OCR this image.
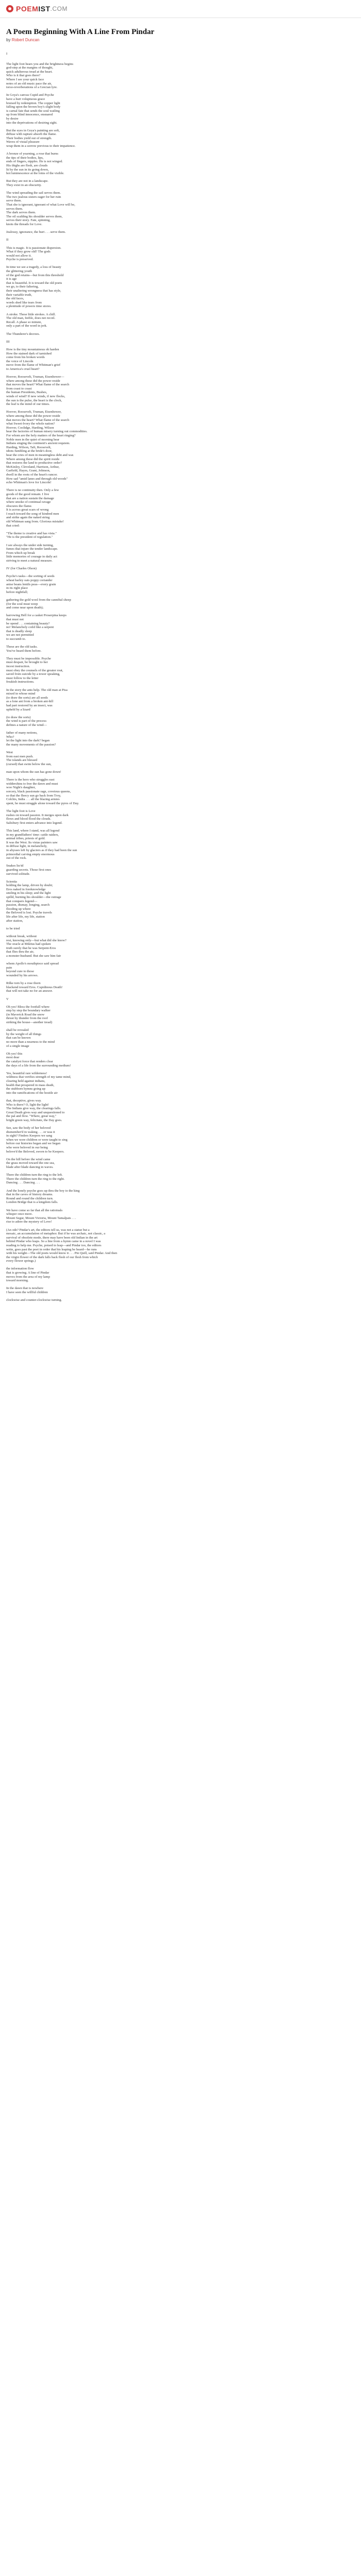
POEM IST .COM
A Poem Beginning With A Line From Pindar

by Robert Duncan

I
The light foot hears you and the brightness begins
god-step at the margins of thought,
quick adulterous tread at the heart.
Who is it that goes there?
Where I see your quick face
notes of an old music pace the air,
torso-reverberations of a Grecian lyre.

In Goya's canvas Cupid and Psyche
have a hurt voluptuous grace
bruised by redemption. The copper light
falling upon the brown boy's slight body
is carnal fate that sends the soul wailing
up from blind innocence, ensnared
by desire
into the deprivations of desiring sight.

But the eyes in Goya's painting are soft,
diffuse with rapture absorb the flame.
Their bodies yield out of strength.
Waves of visual pleasure
wrap them in a sorrow previous to their impatience.

A bronze of yearning, a rose that burns
the tips of their bodies, lips,
ends of fingers, nipples. He is not winged.
His thighs are flesh, are clouds
lit by the sun in its going down,
hot luminescence at the loins of the visible.

But they are not in a landscape.
They exist in an obscurity.

The wind spreading the sail serves them.
The two jealous sisters eager for her ruin
serve them.
That she is ignorant, ignorant of what Love will be,
serves them.
The dark serves them.
The oil scalding his shoulder serves them,
serves their story. Fate, spinning,
knots the threads for Love.

Jealousy, ignorance, the hurt . . . serve them.

II

This is magic. It is passionate dispersion.
What if they grow old? The gods
would not allow it.
Psyche is preserved.

In time we see a tragedy, a loss of beauty
the glittering youth
of the god retains—but from this threshold
it is age
that is beautiful. It is toward the old poets
we go, to their faltering,
their unaltering wrongness that has style,
their variable truth,
the old faces,
words shed like tears from
a plenitude of powers time stores.

A stroke. These little strokes. A chill.
The old man, feeble, does not recoil.
Recall. A phase so minute,
only a part of the word in jerk.

The Thunderer's decrees.

III

How is the tiny mountainous oh harden
How the stained dark of tarnished
come from his broken words
the voice of Lincoln
move from the flame of Whitman's grief
to America's cruel heart?

Hoover, Roosevelt, Truman, Eisenhower—
where among these did the power reside
that moves the heart? What flame of the search
from coast to coast
the human Presidents, Bushes,
winds of wind? If new winds, if new flocks,
the sun is the pulse, the heart is the clock,
the leaf is the mind of our times.

Hoover, Roosevelt, Truman, Eisenhower,
where among these did the power reside
that moves the heart? What flame of the search
what Sweet-Ivory the whole nation?
Hoover, Coolidge, Harding, Wilson
hear the factories of human misery turning out commodities.
For whom are the holy matters of the heart ringing?
Noble men in the quiet of morning hear
Indians singing the continent's ancient requiem.
Harding, Wilson, Taft, Roosevelt,
idiots fumbling at the bride's door,
hear the cries of men in meaningless debt and war.
Where among these did the spirit reside
that restores the land to productive order?
McKinley, Cleveland, Harrison, Arthur,
Garfield, Hayes, Grant, Johnson,
dwell in the roots of the heart's rancor.
How sad "amid lanes and through old woods"
echo Whitman's love for Lincoln!

There is no continuity then. Only a few
goods of the good remain. I live
that are a nation sustain the damage
where smoke of continual ravage
obscures the flame.
It is across great scars of wrong
I reach toward the song of kindred men
and strike again the naked string
old Whitman sang from. Glorious mistake!
that cried:

"The theme is creative and has vista."
"He is the president of regulation."

I see always the under side turning,
fumes that injure the tender landscape.
From which up break
little memories of courage in daily act
striving to meet a natural measure.

IV (for Charles Olson)

Psyche's tasks—the sorting of seeds
wheat barley oats poppy coriander
anise beans lentils peas—every grain
in its right place
before nightfall;

gathering the gold wool from the cannibal sheep
(for the soul must weep
and come near upon death);

harrowing Hell for a casket Proserpina keeps
that must not
be opend . . . containing beauty?
no! Melancholy coild like a serpent
that is deadly sleep
we are not permitted
to succumb to.

These are the old tasks.
You've heard them before.

They must be impossible. Psyche
must despair, be brought to her
incest instruction.
must obey the counsels of the greater rout,
saved from suicide by a tower speaking,
must follow to the letter
freakish instructions.

In the story the ants help. The old man at Pisa
mixed in whose mind
(to draw the sorts) are all seeds
as a lone ant from a broken ant-hill
had part restored by an insect, was
upheld by a lizard

(to draw the sorts)
the wind is part of the process
defines a nature of the wind—

father of many notions,
Who?
let the light into the dark? began
the many movements of the passion?

West
from east men push.
The islands are blessed
(cursed) that swim below the sun,

man upon whom the sun has gone down!

There is the hero who struggles east
widdershins to free the dawn and must
woo Night's daughter,
sorcery, black passionate rage, covetous queens,
so that the fleecy sun go back from Troy,
Colchis, India . . . all the blazing armies
spent, he must struggle alone toward the pyres of Day.

The light foot is Love
rushes on toward passion. It merges upon dark
flows and blood flood the clouds.
Salisbury first enters advance into legend.

This land, where I stand, was all legend
in my grandfathers' time: cattle raiders,
animal tribes, priests of gold.
It was the West. Its vistas painters saw
in diffuse light, in melancholy,
in abysses left by glaciers as if they had been the sun
primordial carving empty enormous
out of the rock.

Snakes lie/id
guarding secrets. Those first ones
survived solitude.

Scientia
holding the lamp, driven by doubt;
Eros naked in foreknowledge
smiling in his sleep; and the light
spilld, burning his shoulder—the outrage
that conquers legend—
passion, dismay, longing, search
flooding up where
the Beloved is lost. Psyche travels
life after life, my life, station
after station,

to be tried

without break, without
rest, knowing only—but what did she know?
The oracle at Miletus had spoken
truth surely that he was Serpent-Eros
that flies thru the air,
a monster-husband. But she saw him fair

whom Apollo's mouthpiece said spread
pain
beyond cure to those
wounded by his arrows.

Rilke torn by a rose thorn
blackend toward Eros. Cupidinous Death!
that will not take no for an answer.

V

Oh yes! Bless the footfall where
step by step the boundary walker
(in Maverick Road the snow
thrust by thunder from the roof
striking the house—another tread)

shall be revealed
by the weight of all things
that can be known
no more than a nearness to the mind
of a single image

Oh yes! this
most dear
the catalyst force that renders clear
the days of a life from the surrounding medium!

Yes, beautiful rare wilderness!
wildness that verifies strength of my tame mind,
clearing held against indians,
health that prospered in mass death,
the stubborn hymns going up
into the ramifications of the hostile air

that, deceptive, gives way.
Who is there? O, light the light!
The Indians give way, the clearings falls.
Great Death gives way and unquestioned to
the pal and flow. "Where, great way,"
bright green way, felicitate, the Day goes.

See, saw the body of her beloved
dismember'd in waking . . . or was it
in sight? Finders Keepers we sang
when we were children or were taught to sing
before our histories began and we began
who were beloved in our being
belove'd the Beloved, sworn to be Keepers.

On the hill before the wind came
the grass moved toward the one sea,
blade after blade dancing in waves.

There the children turn the ring to the left.
There the children turn the ring to the right.
Dancing . . . Dancing . . .

And the lonely psyche goes up thru the boy to the king
that in the caves of history dreams.
Round and round the children turn.
London Bridge that is a kingdom falls.

We have come so far that all the ratioinals
whisper once more.
Mount Segur, Mount Victoria, Mount Tamalpais . . .
rise to adore the mystery of Love!

(An ode? Pindar's art, the editors tell us, was not a statue but a
mosaic, an accumulation of metaphor. But if he was archaic, not classic, a
survival of obsolete mode, there may have been old Indian in the art
behind Pindar who leaps. So a line from a hymn came in a novel I was
reading to help me. Psyche, poised to leap—and Pindar too, the editors
write, goes past the poet in order that his leaping be heard—he runs
with his weight—The old poets would know it . . . Pin Quill, said Pindar. And then
the virgin flower of the dark falls back flesh of our flesh from which
every flower springs.)

the information flow
that is growing. A line of Pindar
moves from the area of my lamp
toward morning.

In the dawn that is nowhere
I have seen the willful children

clockwise and counter-clockwise turning.
